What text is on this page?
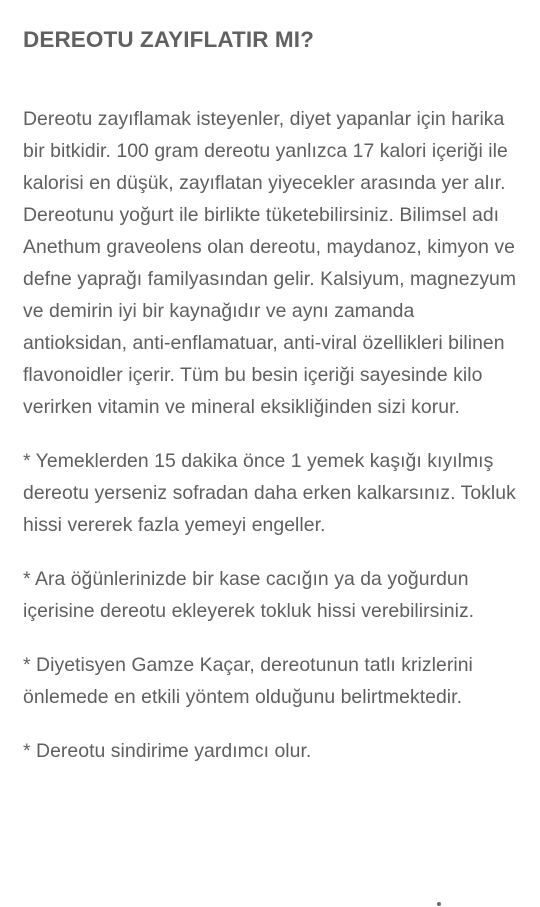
DEREOTU ZAYIFLATIR MI?

Dereotu zayıflamak isteyenler, diyet yapanlar için harika bir bitkidir. 100 gram dereotu yanlızca 17 kalori içeriği ile kalorisi en düşük, zayıflatan yiyecekler arasında yer alır. Dereotunu yoğurt ile birlikte tüketebilirsiniz. Bilimsel adı Anethum graveolens olan dereotu, maydanoz, kimyon ve defne yaprağı familyasından gelir. Kalsiyum, magnezyum ve demirin iyi bir kaynağıdır ve aynı zamanda antioksidan, anti-enflamatuar, anti-viral özellikleri bilinen flavonoidler içerir. Tüm bu besin içeriği sayesinde kilo verirken vitamin ve mineral eksikliğinden sizi korur.

* Yemeklerden 15 dakika önce 1 yemek kaşığı kıyılmış dereotu yerseniz sofradan daha erken kalkarsınız. Tokluk hissi vererek fazla yemeyi engeller.

* Ara öğünlerinizde bir kase cacığın ya da yoğurdun içerisine dereotu ekleyerek tokluk hissi verebilirsiniz.

* Diyetisyen Gamze Kaçar, dereotunun tatlı krizlerini önlemede en etkili yöntem olduğunu belirtmektedir.

* Dereotu sindirime yardımcı olur.
